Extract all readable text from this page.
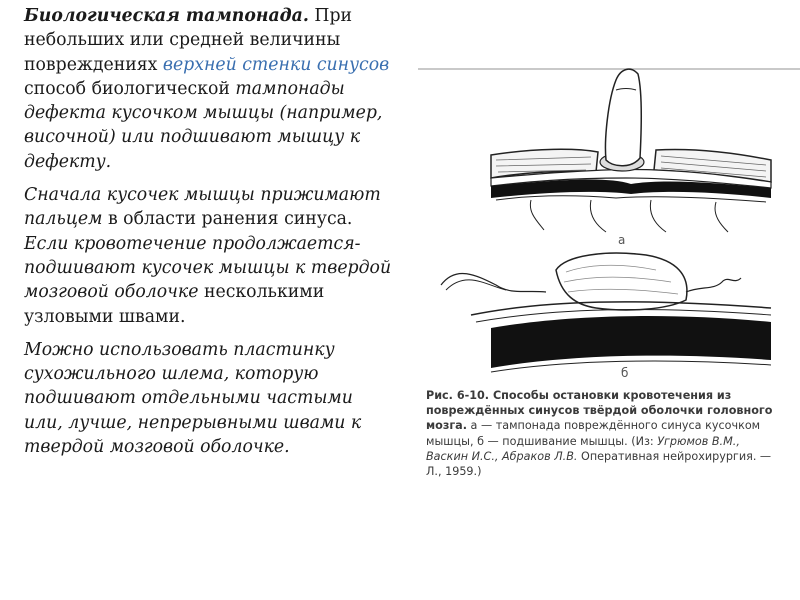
Биологическая тампонада. При небольших или средней величины повреждениях верхней стенки синусов способ биологической тампонады дефекта кусочком мышцы (например, височной) или подшивают мышцу к дефекту.

Сначала кусочек мышцы прижимают пальцем в области ранения синуса. Если кровотечение продолжается- подшивают кусочек мышцы к твердой мозговой оболочке несколькими узловыми швами.

Можно использовать пластинку сухожильного шлема, которую подшивают отдельными частыми или, лучше, непрерывными швами к твердой мозговой оболочке.

а
б
Рис. 6-10. Способы остановки кровотечения из повреждённых синусов твёрдой оболочки головного мозга. а — тампонада повреждённого синуса кусочком мышцы, б — подшивание мышцы. (Из: Угрюмов В.М., Васкин И.С., Абраков Л.В. Оперативная нейрохирургия. — Л., 1959.)
